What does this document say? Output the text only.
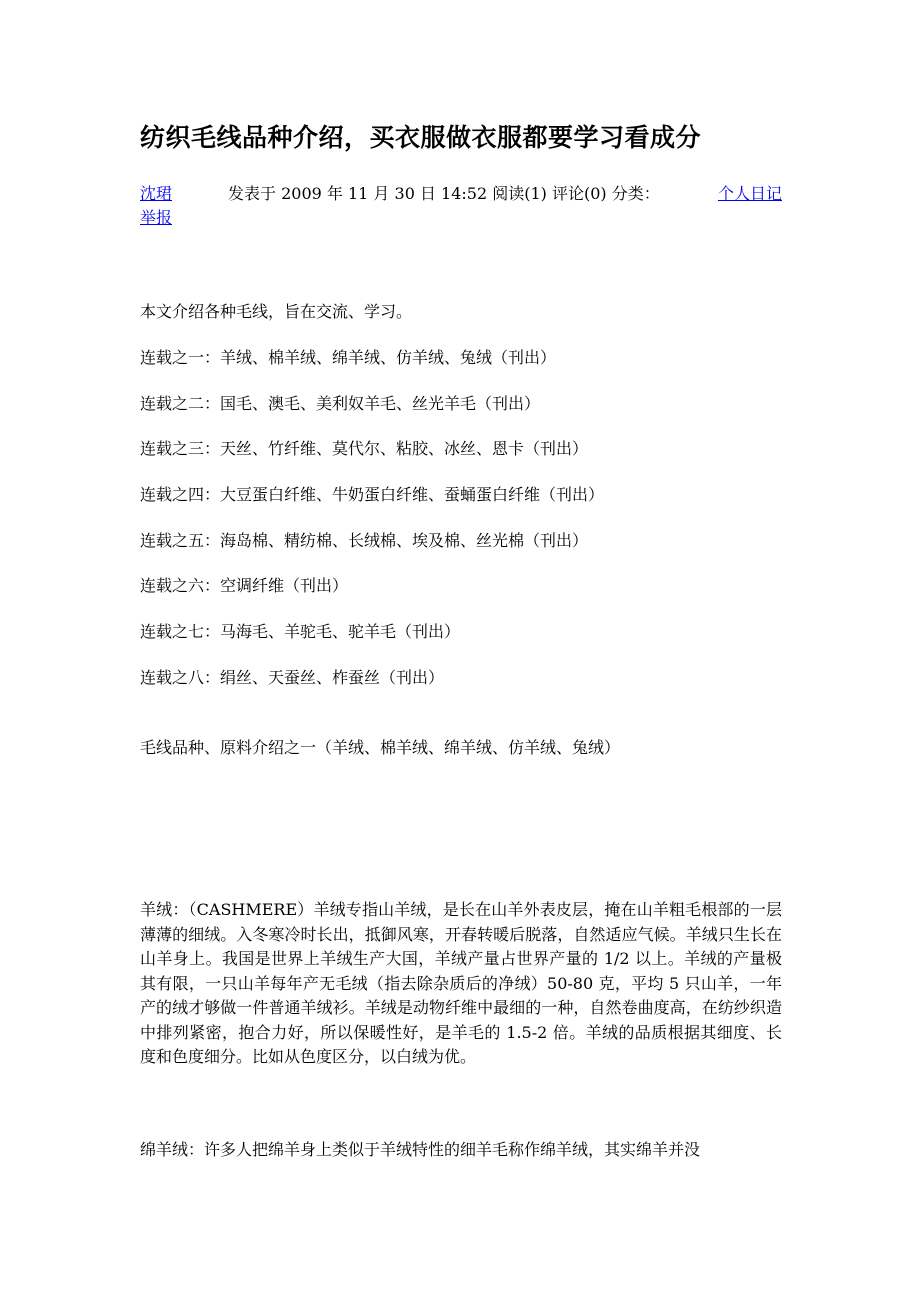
纺织毛线品种介绍，买衣服做衣服都要学习看成分
沈珺	发表于 2009 年 11 月 30 日 14:52 阅读(1) 评论(0) 分类：	个人日记
举报
本文介绍各种毛线，旨在交流、学习。
连载之一：羊绒、棉羊绒、绵羊绒、仿羊绒、兔绒（刊出）
连载之二：国毛、澳毛、美利奴羊毛、丝光羊毛（刊出）
连载之三：天丝、竹纤维、莫代尔、粘胶、冰丝、恩卡（刊出）
连载之四：大豆蛋白纤维、牛奶蛋白纤维、蚕蛹蛋白纤维（刊出）
连载之五：海岛棉、精纺棉、长绒棉、埃及棉、丝光棉（刊出）
连载之六：空调纤维（刊出）
连载之七：马海毛、羊驼毛、驼羊毛（刊出）
连载之八：绢丝、天蚕丝、柞蚕丝（刊出）
毛线品种、原料介绍之一（羊绒、棉羊绒、绵羊绒、仿羊绒、兔绒）
羊绒：（CASHMERE）羊绒专指山羊绒，是长在山羊外表皮层，掩在山羊粗毛根部的一层薄薄的细绒。入冬寒冷时长出，抵御风寒，开春转暖后脱落，自然适应气候。羊绒只生长在山羊身上。我国是世界上羊绒生产大国，羊绒产量占世界产量的 1/2 以上。羊绒的产量极其有限，一只山羊每年产无毛绒（指去除杂质后的净绒）50-80 克，平均 5 只山羊，一年产的绒才够做一件普通羊绒衫。羊绒是动物纤维中最细的一种，自然卷曲度高，在纺纱织造中排列紧密，抱合力好，所以保暖性好，是羊毛的 1.5-2 倍。羊绒的品质根据其细度、长度和色度细分。比如从色度区分，以白绒为优。
绵羊绒：许多人把绵羊身上类似于羊绒特性的细羊毛称作绵羊绒，其实绵羊并没
